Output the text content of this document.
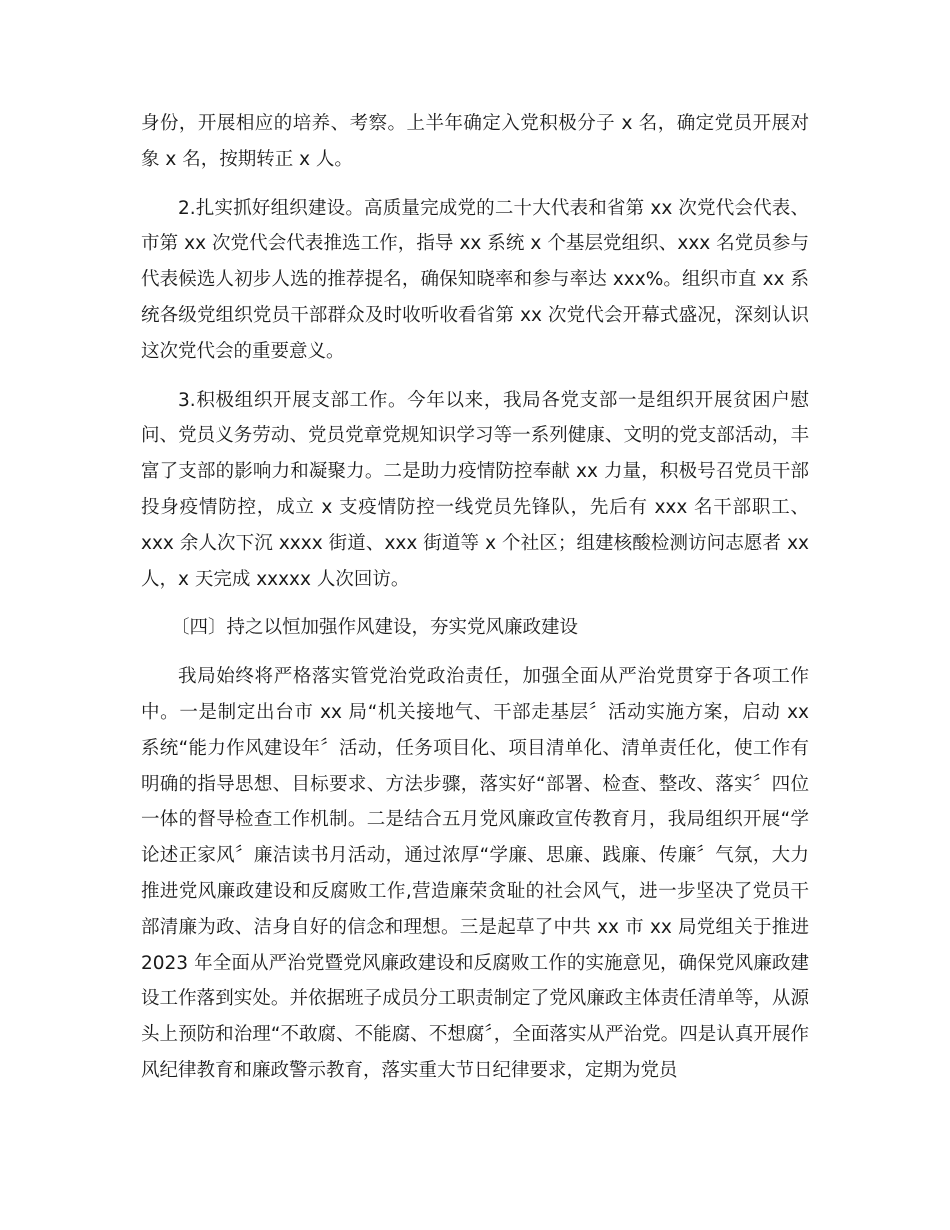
身份，开展相应的培养、考察。上半年确定入党积极分子 x 名，确定党员开展对象 x 名，按期转正 x 人。

2.扎实抓好组织建设。高质量完成党的二十大代表和省第 xx 次党代会代表、市第 xx 次党代会代表推选工作，指导 xx 系统 x 个基层党组织、xxx 名党员参与代表候选人初步人选的推荐提名，确保知晓率和参与率达 xxx%。组织市直 xx 系统各级党组织党员干部群众及时收听收看省第 xx 次党代会开幕式盛况，深刻认识这次党代会的重要意义。

3.积极组织开展支部工作。今年以来，我局各党支部一是组织开展贫困户慰问、党员义务劳动、党员党章党规知识学习等一系列健康、文明的党支部活动，丰富了支部的影响力和凝聚力。二是助力疫情防控奉献 xx 力量，积极号召党员干部投身疫情防控，成立 x 支疫情防控一线党员先锋队，先后有 xxx 名干部职工、xxx 余人次下沉 xxxx 街道、xxx 街道等 x 个社区；组建核酸检测访问志愿者 xx 人，x 天完成 xxxxx 人次回访。

〔四〕持之以恒加强作风建设，夯实党风廉政建设

我局始终将严格落实管党治党政治责任，加强全面从严治党贯穿于各项工作中。一是制定出台市 xx 局“机关接地气、干部走基层〞活动实施方案，启动 xx 系统“能力作风建设年〞活动，任务项目化、项目清单化、清单责任化，使工作有明确的指导思想、目标要求、方法步骤，落实好“部署、检查、整改、落实〞四位一体的督导检查工作机制。二是结合五月党风廉政宣传教育月，我局组织开展“学论述正家风〞廉洁读书月活动，通过浓厚“学廉、思廉、践廉、传廉〞气氛，大力推进党风廉政建设和反腐败工作,营造廉荣贪耻的社会风气，进一步坚决了党员干部清廉为政、洁身自好的信念和理想。三是起草了中共 xx 市 xx 局党组关于推进 2023 年全面从严治党暨党风廉政建设和反腐败工作的实施意见，确保党风廉政建设工作落到实处。并依据班子成员分工职责制定了党风廉政主体责任清单等，从源头上预防和治理“不敢腐、不能腐、不想腐〞，全面落实从严治党。四是认真开展作风纪律教育和廉政警示教育，落实重大节日纪律要求，定期为党员
